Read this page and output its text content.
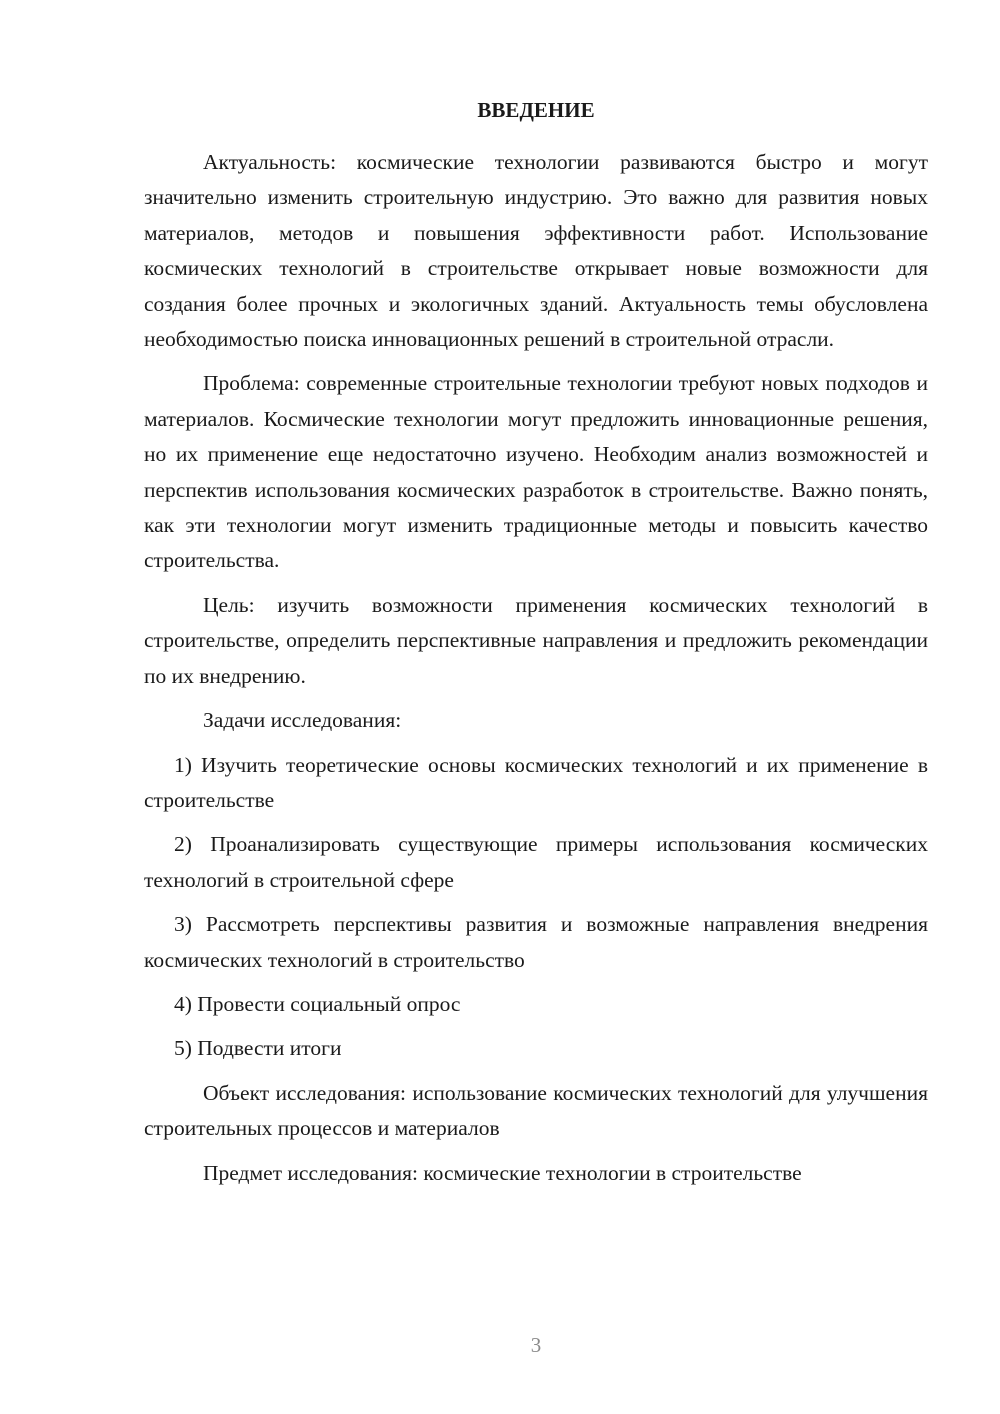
ВВЕДЕНИЕ

Актуальность: космические технологии развиваются быстро и могут значительно изменить строительную индустрию. Это важно для развития новых материалов, методов и повышения эффективности работ. Использование космических технологий в строительстве открывает новые возможности для создания более прочных и экологичных зданий. Актуальность темы обусловлена необходимостью поиска инновационных решений в строительной отрасли.

Проблема: современные строительные технологии требуют новых подходов и материалов. Космические технологии могут предложить инновационные решения, но их применение еще недостаточно изучено. Необходим анализ возможностей и перспектив использования космических разработок в строительстве. Важно понять, как эти технологии могут изменить традиционные методы и повысить качество строительства.

Цель: изучить возможности применения космических технологий в строительстве, определить перспективные направления и предложить рекомендации по их внедрению.

Задачи исследования:

1) Изучить теоретические основы космических технологий и их применение в строительстве

2) Проанализировать существующие примеры использования космических технологий в строительной сфере

3) Рассмотреть перспективы развития и возможные направления внедрения космических технологий в строительство

4) Провести социальный опрос

5) Подвести итоги

Объект исследования: использование космических технологий для улучшения строительных процессов и материалов

Предмет исследования: космические технологии в строительстве

3
